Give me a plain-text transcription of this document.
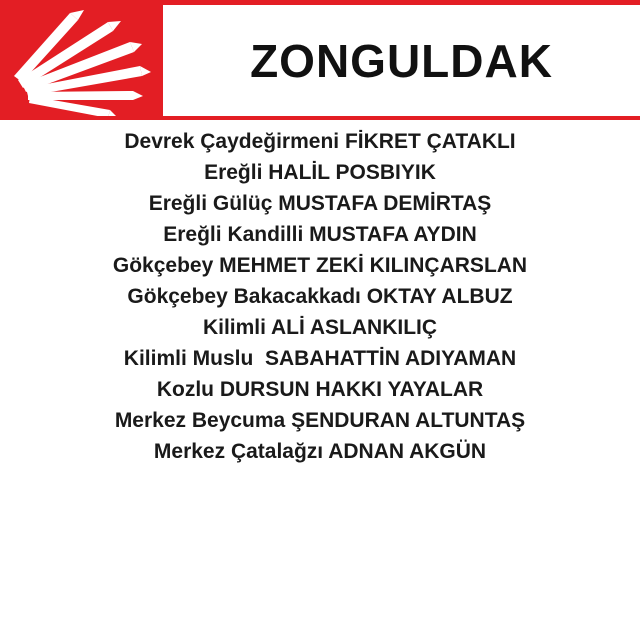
ZONGULDAK
Devrek Çaydeğirmeni FİKRET ÇATAKLI
Ereğli HALİL POSBIYIK
Ereğli Gülüç MUSTAFA DEMİRTAŞ
Ereğli Kandilli MUSTAFA AYDIN
Gökçebey MEHMET ZEKİ KILINÇARSLAN
Gökçebey Bakacakkadı OKTAY ALBUZ
Kilimli ALİ ASLANKILIÇ
Kilimli Muslu  SABAHATTİN ADIYAMAN
Kozlu DURSUN HAKKI YAYALAR
Merkez Beycuma ŞENDURAN ALTUNTAŞ
Merkez Çatalağzı ADNAN AKGÜN
